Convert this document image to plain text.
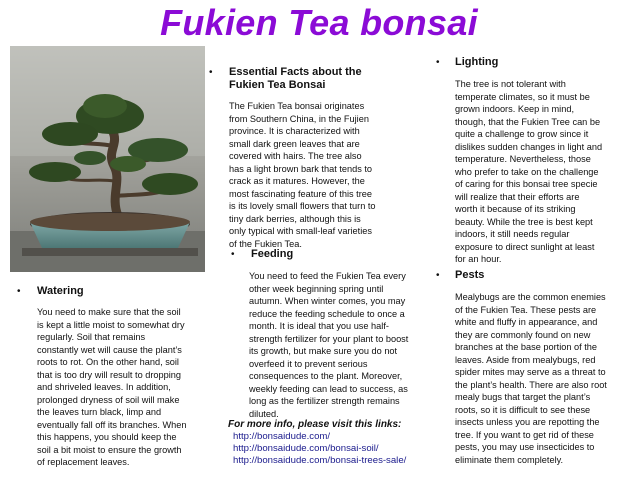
Fukien Tea bonsai
• Essential Facts about the
Fukien Tea Bonsai
The Fukien Tea bonsai originates
from Southern China, in the Fujien
province. It is characterized with
small dark green leaves that are
covered with hairs. The tree also
has a light brown bark that tends to
crack as it matures. However, the
most fascinating feature of this tree
is its lovely small flowers that turn to
tiny dark berries, although this is
only typical with small-leaf varieties
of the Fukien Tea.
• Feeding
You need to feed the Fukien Tea every
other week beginning spring until
autumn. When winter comes, you may
reduce the feeding schedule to once a
month. It is ideal that you use half-
strength fertilizer for your plant to boost
its growth, but make sure you do not
overfeed it to prevent serious
consequences to the plant. Moreover,
weekly feeding can lead to success, as
long as the fertilizer strength remains
diluted.
For more info, please visit this links:
http://bonsaidude.com/
http://bonsaidude.com/bonsai-soil/
http://bonsaidude.com/bonsai-trees-sale/
• Watering
You need to make sure that the soil
is kept a little moist to somewhat dry
regularly. Soil that remains
constantly wet will cause the plant’s
roots to rot. On the other hand, soil
that is too dry will result to dropping
and shriveled leaves. In addition,
prolonged dryness of soil will make
the leaves turn black, limp and
eventually fall off its branches. When
this happens, you should keep the
soil a bit moist to ensure the growth
of replacement leaves.
• Lighting
The tree is not tolerant with
temperate climates, so it must be
grown indoors. Keep in mind,
though, that the Fukien Tree can be
quite a challenge to grow since it
dislikes sudden changes in light and
temperature. Nevertheless, those
who prefer to take on the challenge
of caring for this bonsai tree specie
will realize that their efforts are
worth it because of its striking
beauty. While the tree is best kept
indoors, it still needs regular
exposure to direct sunlight at least
for an hour.
• Pests
Mealybugs are the common enemies
of the Fukien Tea. These pests are
white and fluffy in appearance, and
they are commonly found on new
branches at the base portion of the
leaves. Aside from mealybugs, red
spider mites may serve as a threat to
the plant’s health. There are also root
mealy bugs that target the plant’s
roots, so it is difficult to see these
insects unless you are repotting the
tree. If you want to get rid of these
pests, you may use insecticides to
eliminate them completely.
